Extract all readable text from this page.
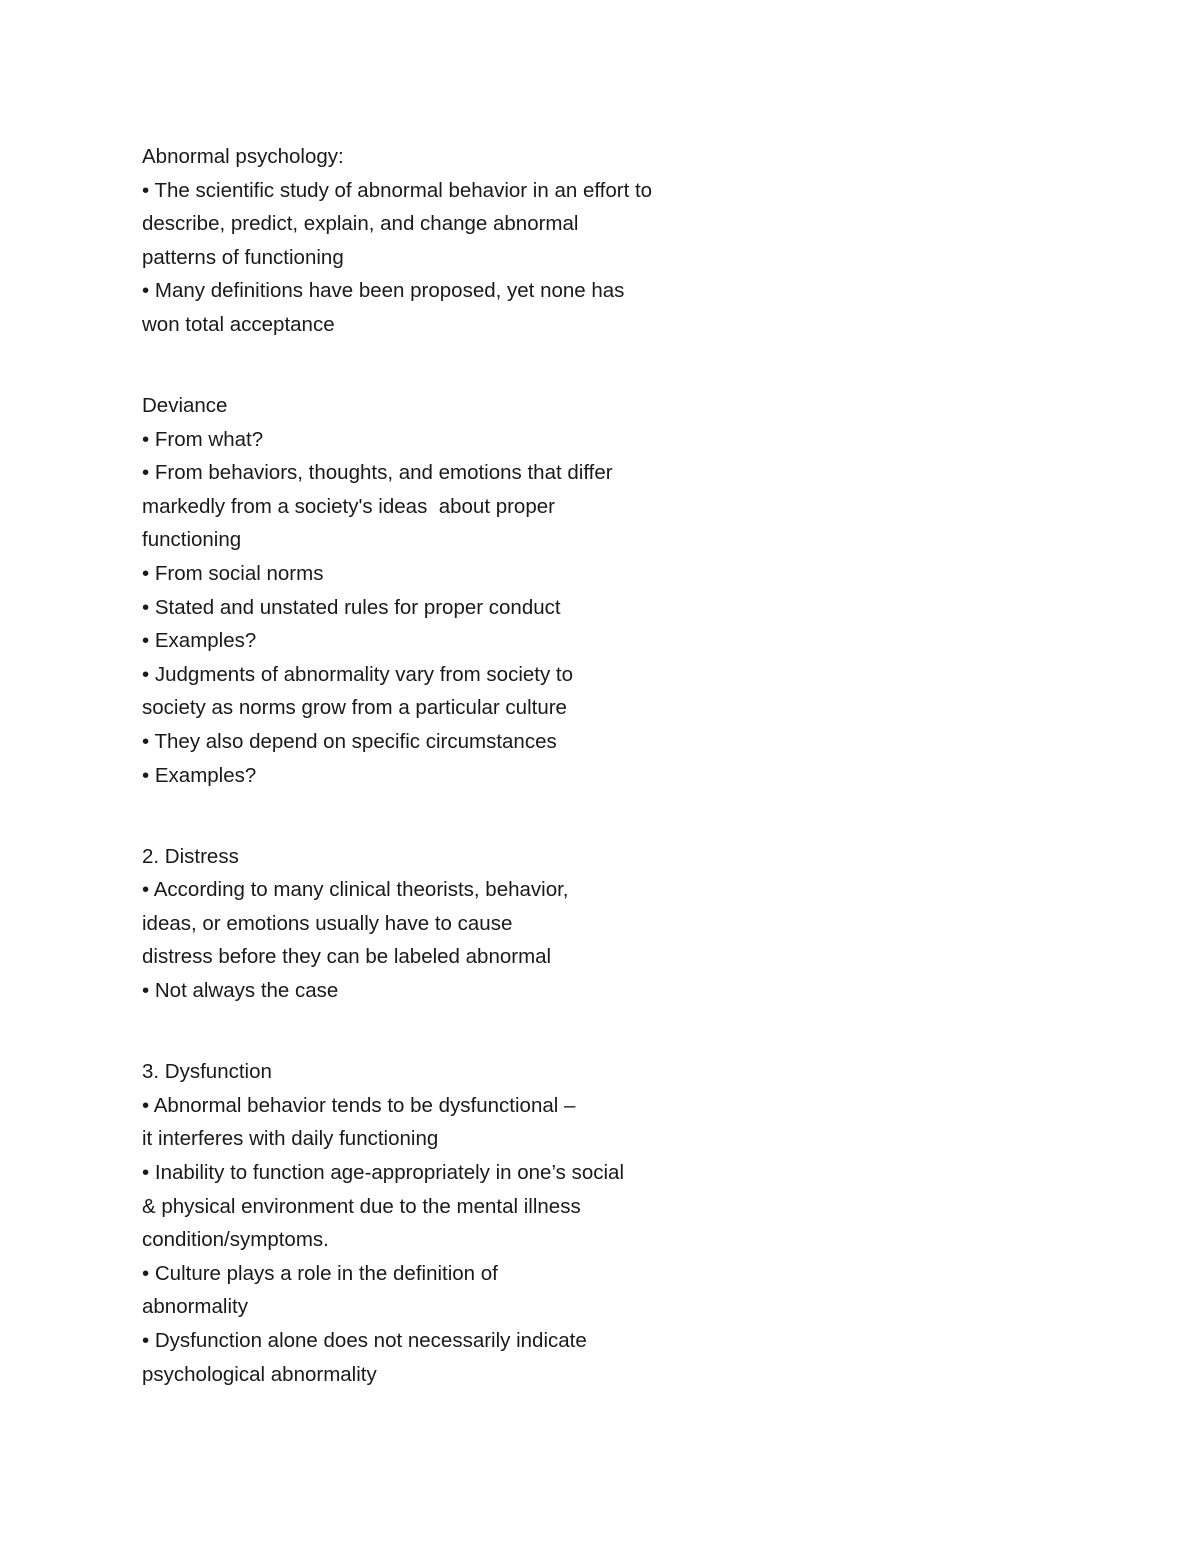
Abnormal psychology:
• The scientific study of abnormal behavior in an effort to
describe, predict, explain, and change abnormal
patterns of functioning
• Many definitions have been proposed, yet none has
won total acceptance
Deviance
• From what?
• From behaviors, thoughts, and emotions that differ
markedly from a society's ideas  about proper
functioning
• From social norms
• Stated and unstated rules for proper conduct
• Examples?
• Judgments of abnormality vary from society to
society as norms grow from a particular culture
• They also depend on specific circumstances
• Examples?
2. Distress
• According to many clinical theorists, behavior,
ideas, or emotions usually have to cause
distress before they can be labeled abnormal
• Not always the case
3. Dysfunction
• Abnormal behavior tends to be dysfunctional –
it interferes with daily functioning
• Inability to function age-appropriately in one’s social
& physical environment due to the mental illness
condition/symptoms.
• Culture plays a role in the definition of
abnormality
• Dysfunction alone does not necessarily indicate
psychological abnormality
